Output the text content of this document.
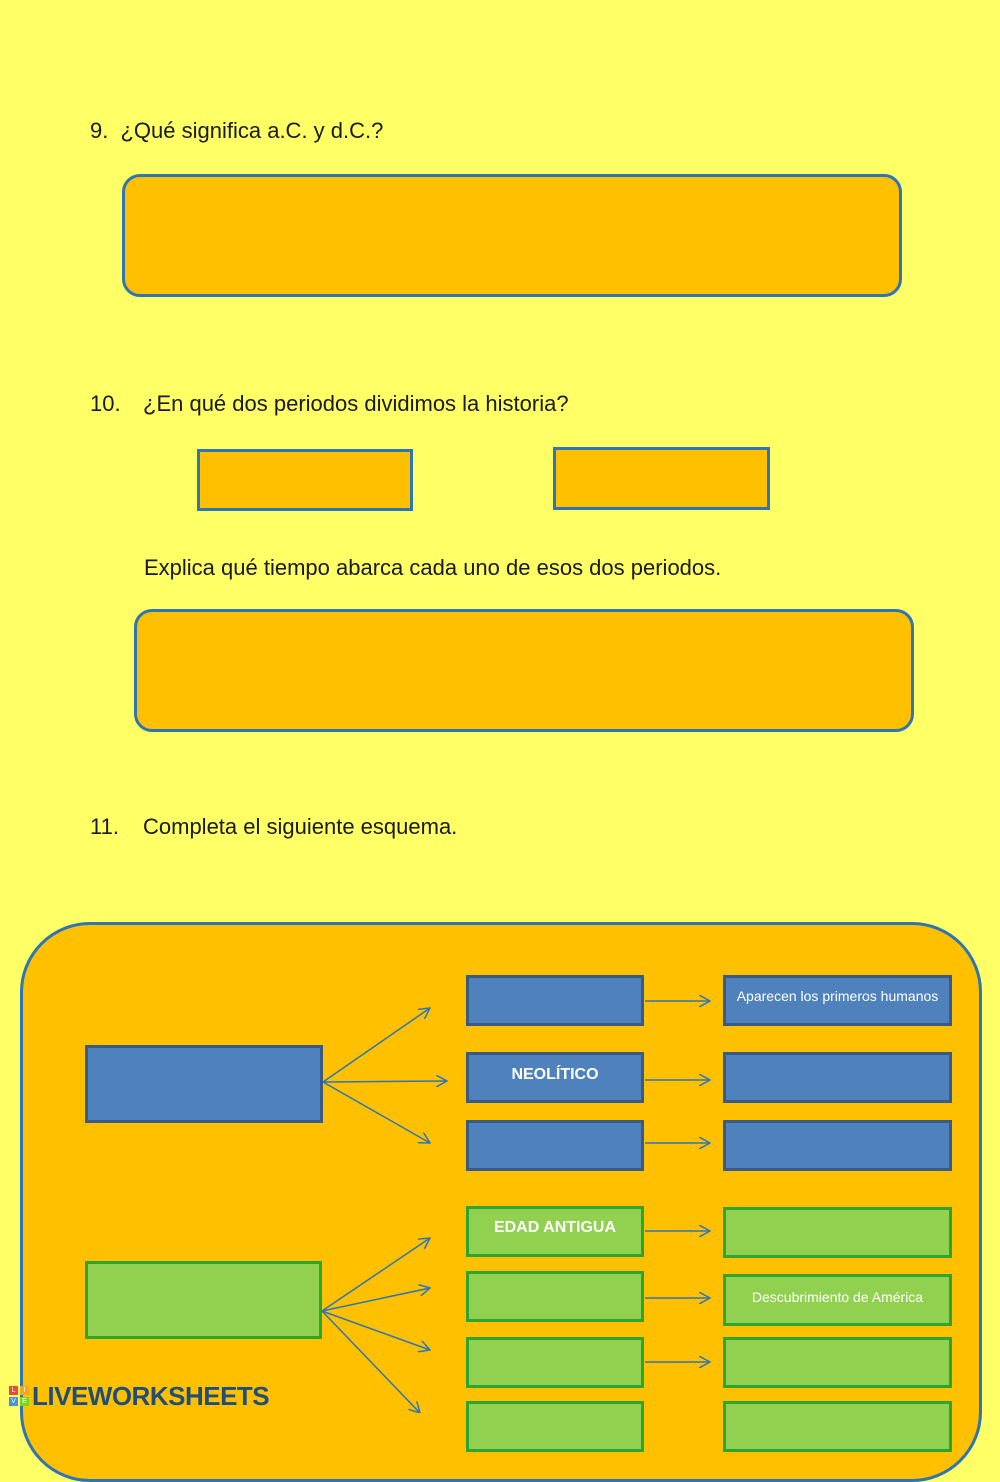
9. ¿Qué significa a.C. y d.C.?
10. ¿En qué dos periodos dividimos la historia?
Explica qué tiempo abarca cada uno de esos dos periodos.
11. Completa el siguiente esquema.
NEOLÍTICO
Aparecen los primeros humanos
EDAD ANTIGUA
Descubrimiento de América
L	I
V E LIVEWORKSHEETS
